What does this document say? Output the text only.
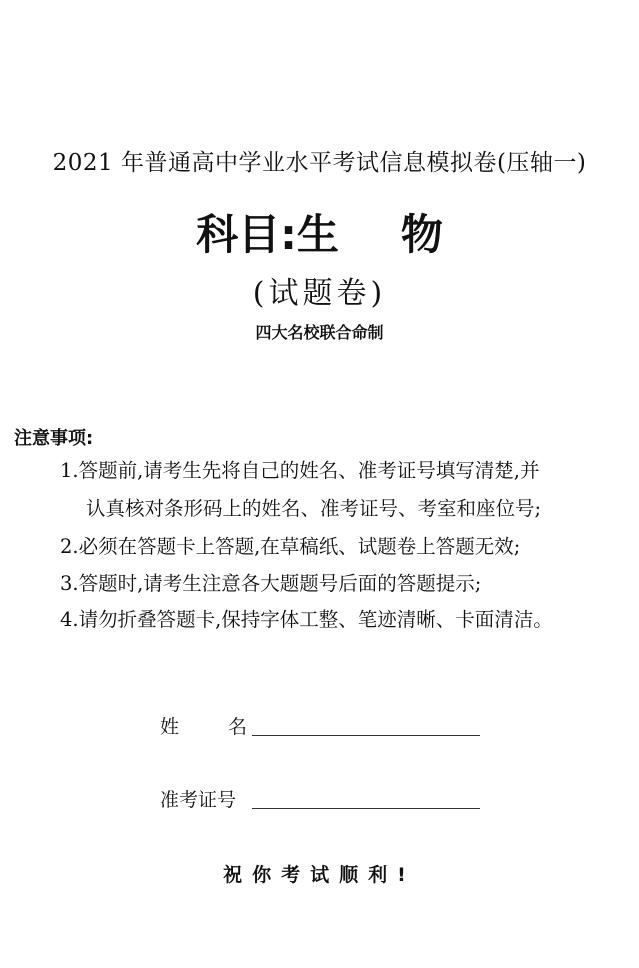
2021 年普通高中学业水平考试信息模拟卷(压轴一)
科目:生 物
(试题卷)
四大名校联合命制
注意事项:
1.答题前,请考生先将自己的姓名、准考证号填写清楚,并
认真核对条形码上的姓名、准考证号、考室和座位号;
2.必须在答题卡上答题,在草稿纸、试题卷上答题无效;
3.答题时,请考生注意各大题题号后面的答题提示;
4.请勿折叠答题卡,保持字体工整、笔迹清晰、卡面清洁。
姓	名
准考证号
祝你考试顺利!
